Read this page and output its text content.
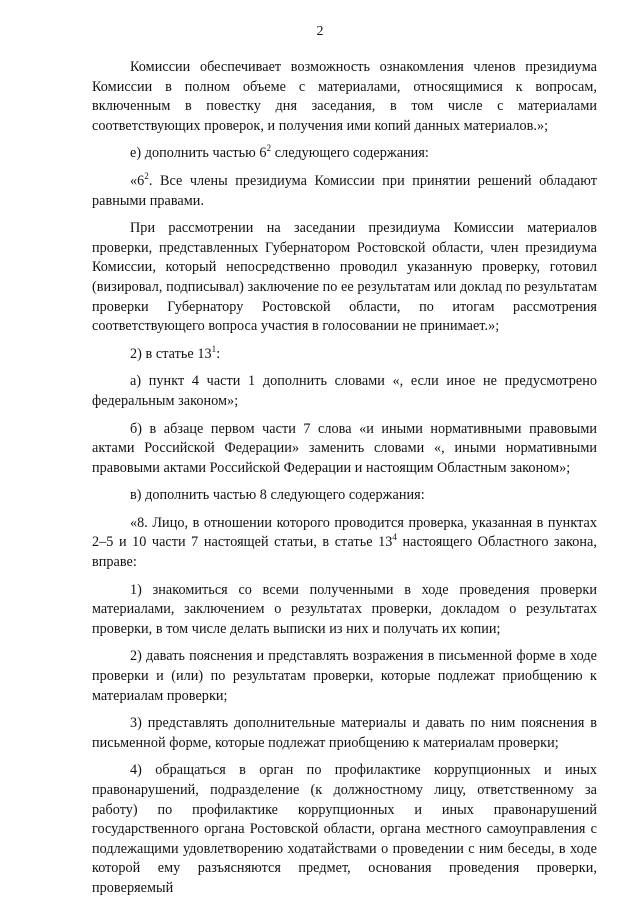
2

Комиссии обеспечивает возможность ознакомления членов президиума Комиссии в полном объеме с материалами, относящимися к вопросам, включенным в повестку дня заседания, в том числе с материалами соответствующих проверок, и получения ими копий данных материалов.»;

е) дополнить частью $6^2$ следующего содержания:

«$6^2$. Все члены президиума Комиссии при принятии решений обладают равными правами.

При рассмотрении на заседании президиума Комиссии материалов проверки, представленных Губернатором Ростовской области, член президиума Комиссии, который непосредственно проводил указанную проверку, готовил (визировал, подписывал) заключение по ее результатам или доклад по результатам проверки Губернатору Ростовской области, по итогам рассмотрения соответствующего вопроса участия в голосовании не принимает.»;

2) в статье $13^1$:

а) пункт 4 части 1 дополнить словами «, если иное не предусмотрено федеральным законом»;

б) в абзаце первом части 7 слова «и иными нормативными правовыми актами Российской Федерации» заменить словами «, иными нормативными правовыми актами Российской Федерации и настоящим Областным законом»;

в) дополнить частью 8 следующего содержания:

«8. Лицо, в отношении которого проводится проверка, указанная в пунктах 2–5 и 10 части 7 настоящей статьи, в статье $13^4$ настоящего Областного закона, вправе:

1) знакомиться со всеми полученными в ходе проведения проверки материалами, заключением о результатах проверки, докладом о результатах проверки, в том числе делать выписки из них и получать их копии;

2) давать пояснения и представлять возражения в письменной форме в ходе проверки и (или) по результатам проверки, которые подлежат приобщению к материалам проверки;

3) представлять дополнительные материалы и давать по ним пояснения в письменной форме, которые подлежат приобщению к материалам проверки;

4) обращаться в орган по профилактике коррупционных и иных правонарушений, подразделение (к должностному лицу, ответственному за работу) по профилактике коррупционных и иных правонарушений государственного органа Ростовской области, органа местного самоуправления с подлежащими удовлетворению ходатайствами о проведении с ним беседы, в ходе которой ему разъясняются предмет, основания проведения проверки, проверяемый
